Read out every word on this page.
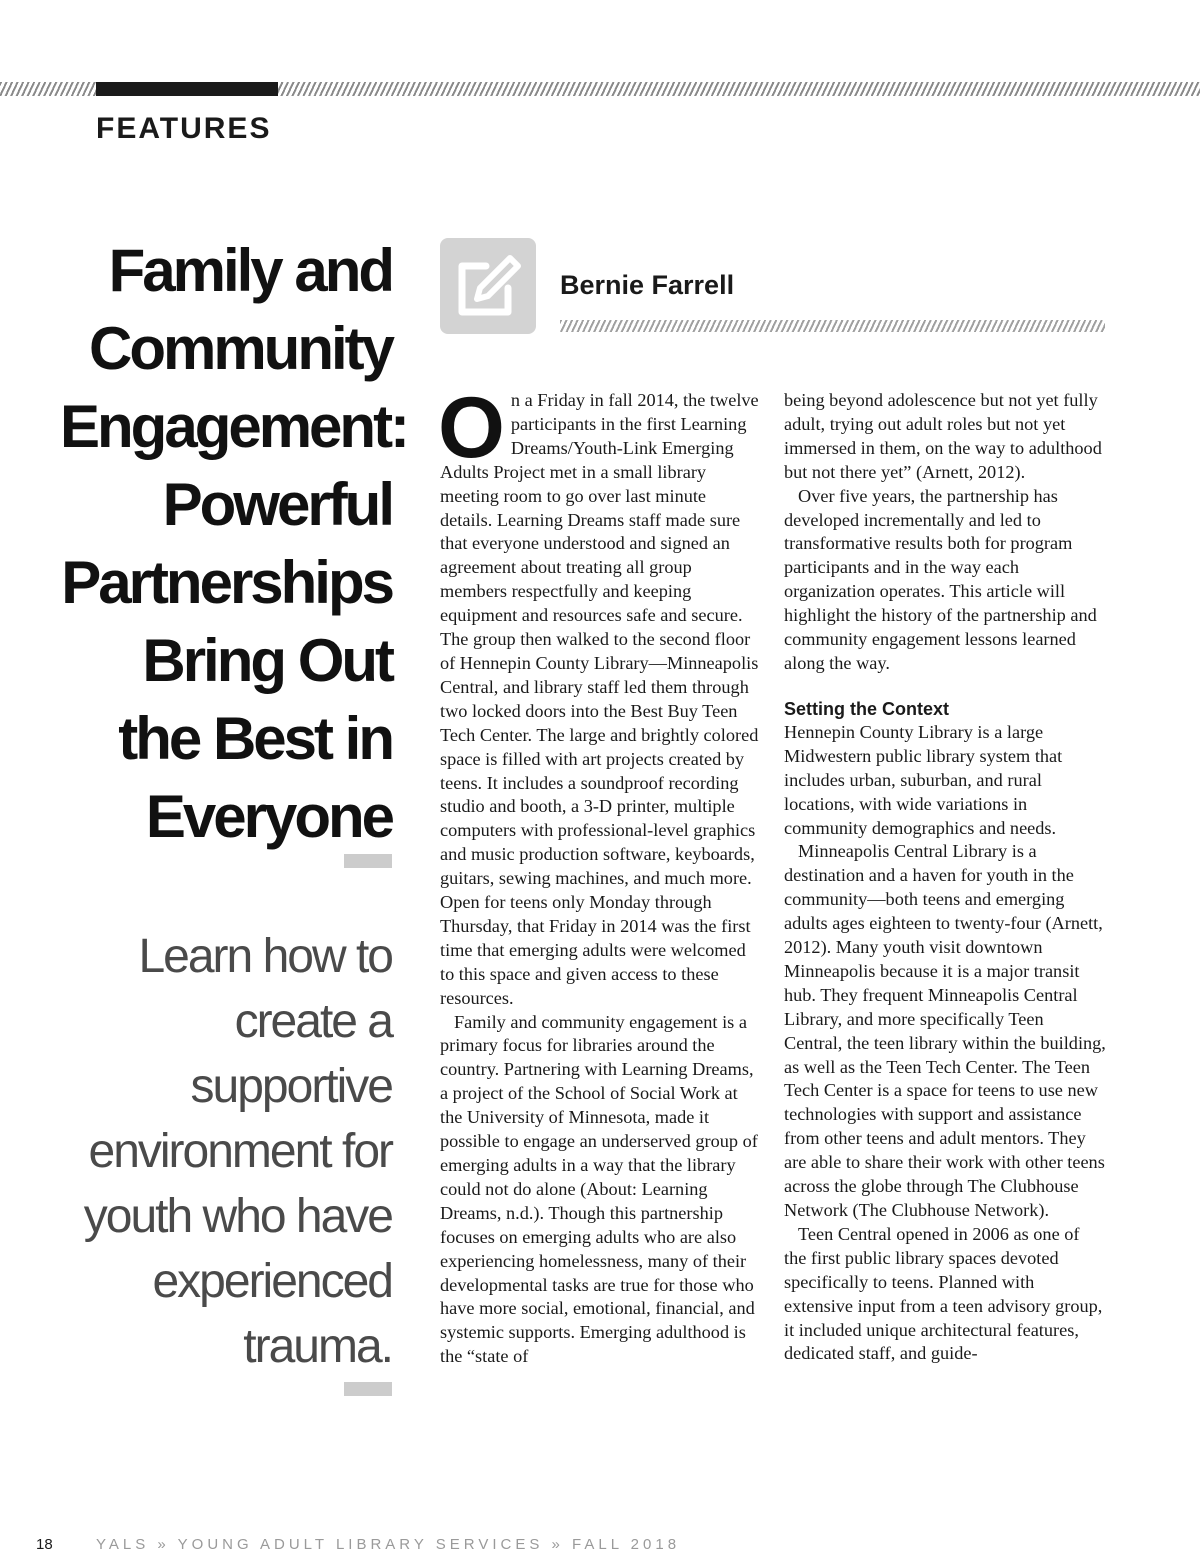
FEATURES
Family and Community Engagement: Powerful Partnerships Bring Out the Best in Everyone
Learn how to create a supportive environment for youth who have experienced trauma.
Bernie Farrell

On a Friday in fall 2014, the twelve participants in the first Learning Dreams/Youth-Link Emerging Adults Project met in a small library meeting room to go over last minute details. Learning Dreams staff made sure that everyone understood and signed an agreement about treating all group members respectfully and keeping equipment and resources safe and secure. The group then walked to the second floor of Hennepin County Library—Minneapolis Central, and library staff led them through two locked doors into the Best Buy Teen Tech Center. The large and brightly colored space is filled with art projects created by teens. It includes a soundproof recording studio and booth, a 3-D printer, multiple computers with professional-level graphics and music production software, keyboards, guitars, sewing machines, and much more. Open for teens only Monday through Thursday, that Friday in 2014 was the first time that emerging adults were welcomed to this space and given access to these resources.

Family and community engagement is a primary focus for libraries around the country. Partnering with Learning Dreams, a project of the School of Social Work at the University of Minnesota, made it possible to engage an underserved group of emerging adults in a way that the library could not do alone (About: Learning Dreams, n.d.). Though this partnership focuses on emerging adults who are also experiencing homelessness, many of their developmental tasks are true for those who have more social, emotional, financial, and systemic supports. Emerging adulthood is the “state of

being beyond adolescence but not yet fully adult, trying out adult roles but not yet immersed in them, on the way to adulthood but not there yet” (Arnett, 2012).

Over five years, the partnership has developed incrementally and led to transformative results both for program participants and in the way each organization operates. This article will highlight the history of the partnership and community engagement lessons learned along the way.

Setting the Context

Hennepin County Library is a large Midwestern public library system that includes urban, suburban, and rural locations, with wide variations in community demographics and needs.

Minneapolis Central Library is a destination and a haven for youth in the community—both teens and emerging adults ages eighteen to twenty-four (Arnett, 2012). Many youth visit downtown Minneapolis because it is a major transit hub. They frequent Minneapolis Central Library, and more specifically Teen Central, the teen library within the building, as well as the Teen Tech Center. The Teen Tech Center is a space for teens to use new technologies with support and assistance from other teens and adult mentors. They are able to share their work with other teens across the globe through The Clubhouse Network (The Clubhouse Network).

Teen Central opened in 2006 as one of the first public library spaces devoted specifically to teens. Planned with extensive input from a teen advisory group, it included unique architectural features, dedicated staff, and guide-

18	YALS » YOUNG ADULT LIBRARY SERVICES » FALL 2018
